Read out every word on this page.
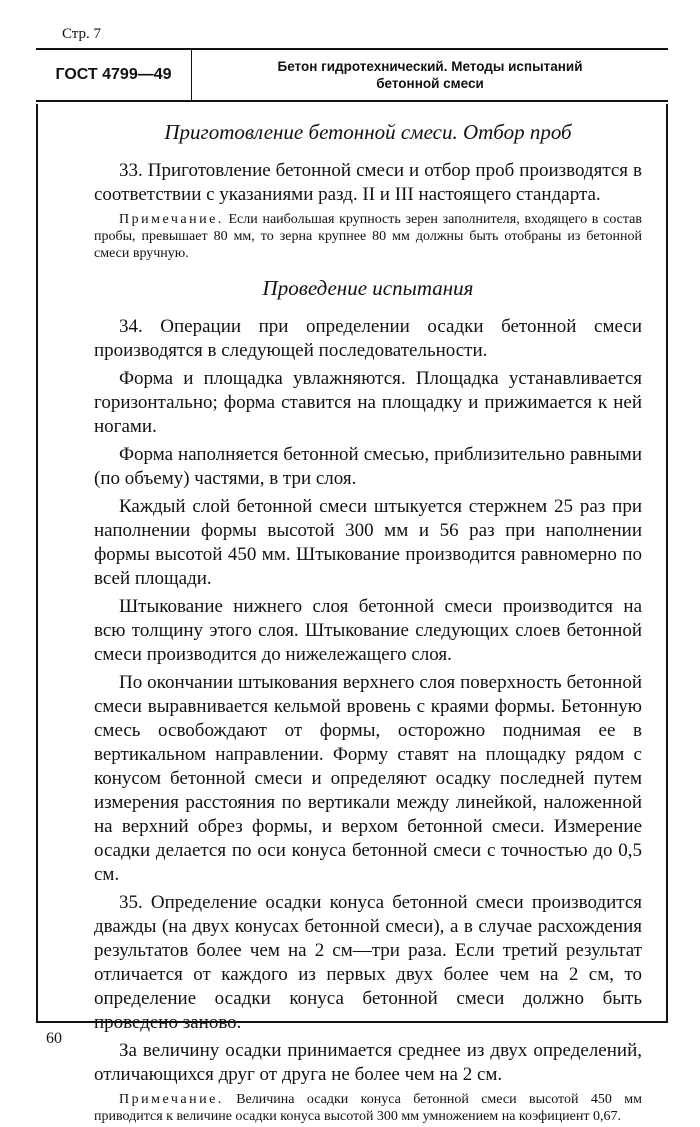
Стр. 7
ГОСТ 4799—49	Бетон гидротехнический. Методы испытаний
бетонной смеси
Приготовление бетонной смеси. Отбор проб

33. Приготовление бетонной смеси и отбор проб производятся в соответствии с указаниями разд. II и III настоящего стандарта.

Примечание. Если наибольшая крупность зерен заполнителя, входящего в состав пробы, превышает 80 мм, то зерна крупнее 80 мм должны быть отобраны из бетонной смеси вручную.

Проведение испытания

34. Операции при определении осадки бетонной смеси производятся в следующей последовательности.

Форма и площадка увлажняются. Площадка устанавливается горизонтально; форма ставится на площадку и прижимается к ней ногами.

Форма наполняется бетонной смесью, приблизительно равными (по объему) частями, в три слоя.

Каждый слой бетонной смеси штыкуется стержнем 25 раз при наполнении формы высотой 300 мм и 56 раз при наполнении формы высотой 450 мм. Штыкование производится равномерно по всей площади.

Штыкование нижнего слоя бетонной смеси производится на всю толщину этого слоя. Штыкование следующих слоев бетонной смеси производится до нижележащего слоя.

По окончании штыкования верхнего слоя поверхность бетонной смеси выравнивается кельмой вровень с краями формы. Бетонную смесь освобождают от формы, осторожно поднимая ее в вертикальном направлении. Форму ставят на площадку рядом с конусом бетонной смеси и определяют осадку последней путем измерения расстояния по вертикали между линейкой, наложенной на верхний обрез формы, и верхом бетонной смеси. Измерение осадки делается по оси конуса бетонной смеси с точностью до 0,5 см.

35. Определение осадки конуса бетонной смеси производится дважды (на двух конусах бетонной смеси), а в случае расхождения результатов более чем на 2 см—три раза. Если третий результат отличается от каждого из первых двух более чем на 2 см, то определение осадки конуса бетонной смеси должно быть проведено заново.

За величину осадки принимается среднее из двух определений, отличающихся друг от друга не более чем на 2 см.

Примечание. Величина осадки конуса бетонной смеси высотой 450 мм приводится к величине осадки конуса высотой 300 мм умножением на коэфициент 0,67.

60
